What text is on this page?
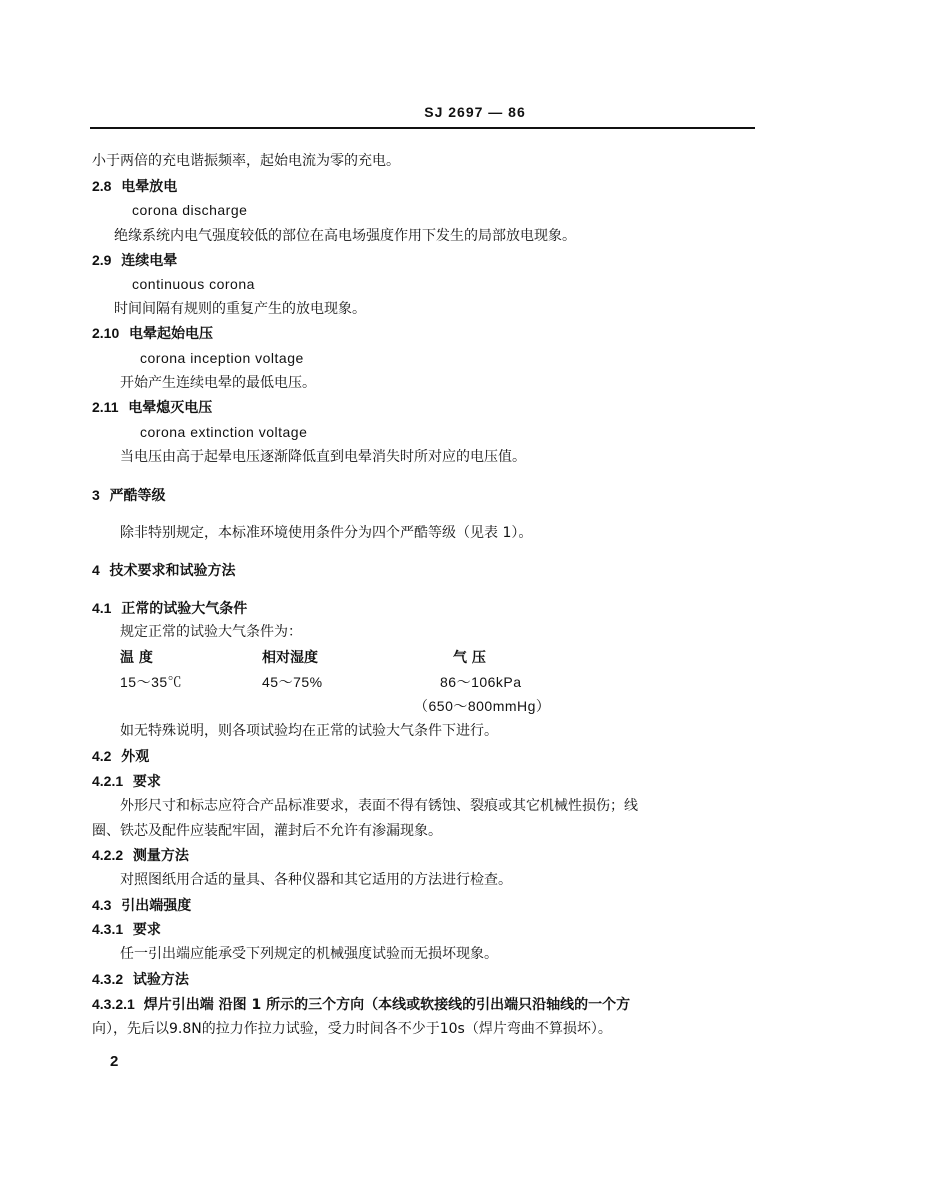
SJ 2697 — 86
小于两倍的充电谐振频率，起始电流为零的充电。
2.8 电晕放电
corona discharge
绝缘系统内电气强度较低的部位在高电场强度作用下发生的局部放电现象。
2.9 连续电晕
continuous corona
时间间隔有规则的重复产生的放电现象。
2.10 电晕起始电压
corona inception voltage
开始产生连续电晕的最低电压。
2.11 电晕熄灭电压
corona extinction voltage
当电压由高于起晕电压逐渐降低直到电晕消失时所对应的电压值。
3 严酷等级
除非特别规定，本标准环境使用条件分为四个严酷等级（见表 1）。
4 技术要求和试验方法
4.1 正常的试验大气条件
规定正常的试验大气条件为：
温 度	相对湿度	气 压
15～35℃	45～75%	86～106kPa
（650～800mmHg）
如无特殊说明，则各项试验均在正常的试验大气条件下进行。
4.2 外观
4.2.1 要求
外形尺寸和标志应符合产品标准要求，表面不得有锈蚀、裂痕或其它机械性损伤；线
圈、铁芯及配件应装配牢固，灌封后不允许有渗漏现象。
4.2.2 测量方法
对照图纸用合适的量具、各种仪器和其它适用的方法进行检查。
4.3 引出端强度
4.3.1 要求
任一引出端应能承受下列规定的机械强度试验而无损坏现象。
4.3.2 试验方法
4.3.2.1 焊片引出端 沿图 1 所示的三个方向（本线或软接线的引出端只沿轴线的一个方
向），先后以9.8N的拉力作拉力试验，受力时间各不少于10s（焊片弯曲不算损坏）。
2
